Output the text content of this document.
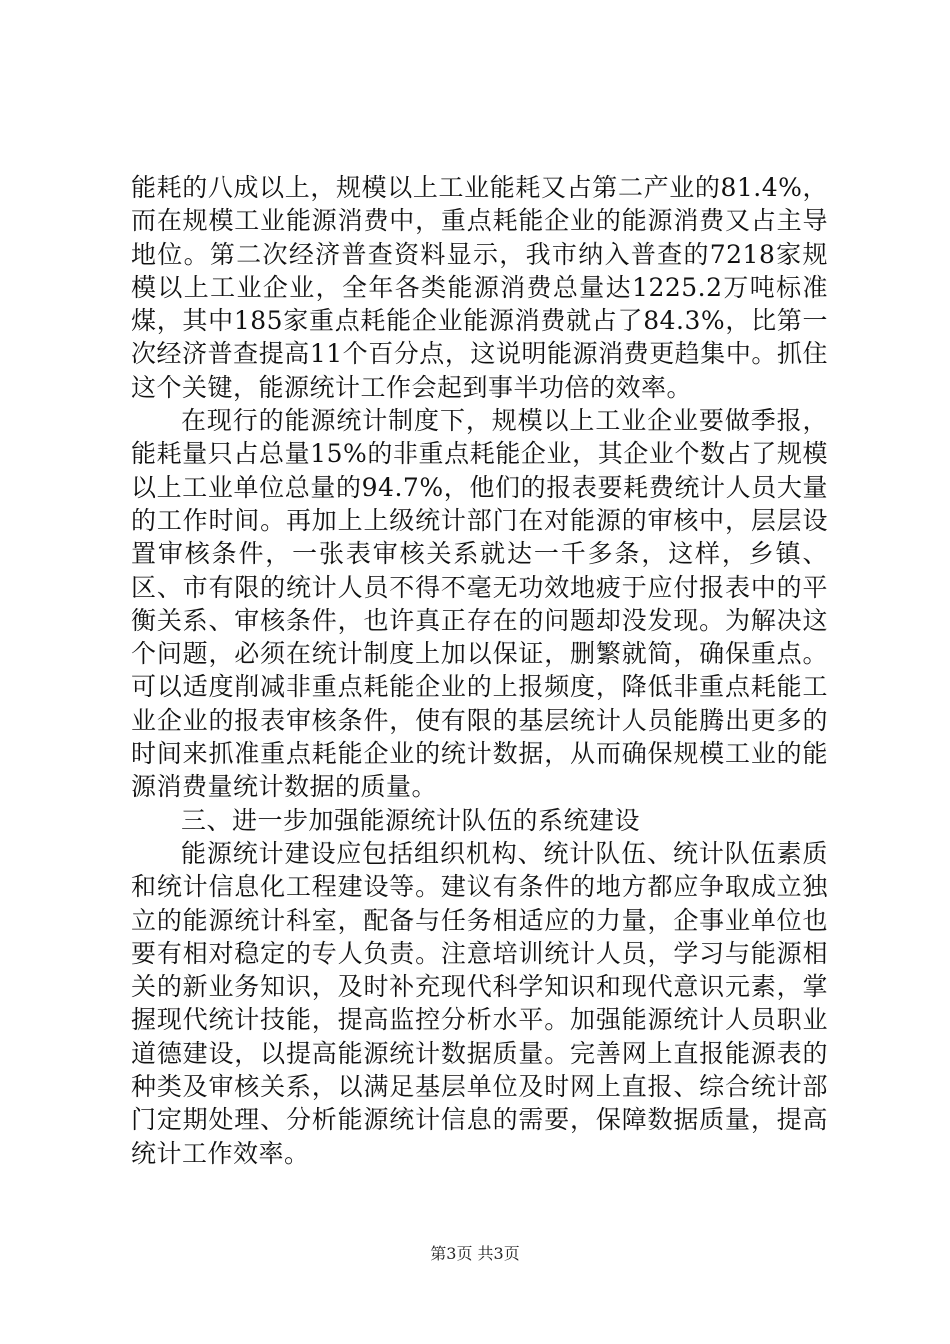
能耗的八成以上，规模以上工业能耗又占第二产业的81.4%，而在规模工业能源消费中，重点耗能企业的能源消费又占主导地位。第二次经济普查资料显示，我市纳入普查的7218家规模以上工业企业，全年各类能源消费总量达1225.2万吨标准煤，其中185家重点耗能企业能源消费就占了84.3%，比第一次经济普查提高11个百分点，这说明能源消费更趋集中。抓住这个关键，能源统计工作会起到事半功倍的效率。

在现行的能源统计制度下，规模以上工业企业要做季报，能耗量只占总量15%的非重点耗能企业，其企业个数占了规模以上工业单位总量的94.7%，他们的报表要耗费统计人员大量的工作时间。再加上上级统计部门在对能源的审核中，层层设置审核条件，一张表审核关系就达一千多条，这样，乡镇、区、市有限的统计人员不得不毫无功效地疲于应付报表中的平衡关系、审核条件，也许真正存在的问题却没发现。为解决这个问题，必须在统计制度上加以保证，删繁就简，确保重点。可以适度削减非重点耗能企业的上报频度，降低非重点耗能工业企业的报表审核条件，使有限的基层统计人员能腾出更多的时间来抓准重点耗能企业的统计数据，从而确保规模工业的能源消费量统计数据的质量。

三、进一步加强能源统计队伍的系统建设

能源统计建设应包括组织机构、统计队伍、统计队伍素质和统计信息化工程建设等。建议有条件的地方都应争取成立独立的能源统计科室，配备与任务相适应的力量，企事业单位也要有相对稳定的专人负责。注意培训统计人员，学习与能源相关的新业务知识，及时补充现代科学知识和现代意识元素，掌握现代统计技能，提高监控分析水平。加强能源统计人员职业道德建设，以提高能源统计数据质量。完善网上直报能源表的种类及审核关系，以满足基层单位及时网上直报、综合统计部门定期处理、分析能源统计信息的需要，保障数据质量，提高统计工作效率。

第3页 共3页
